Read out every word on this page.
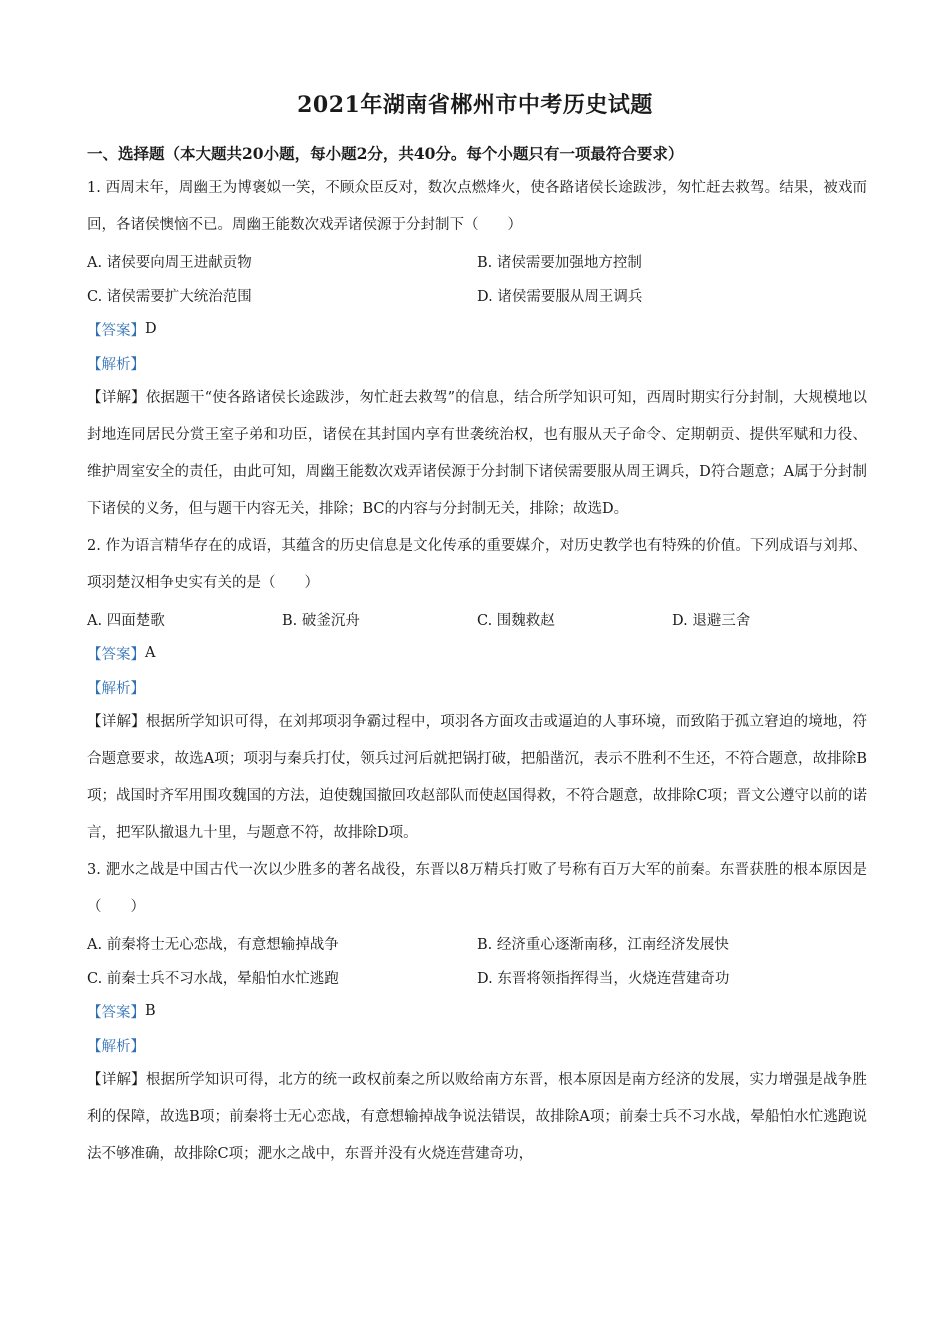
2021年湖南省郴州市中考历史试题
一、选择题（本大题共20小题，每小题2分，共40分。每个小题只有一项最符合要求）

1. 西周末年，周幽王为博褒姒一笑，不顾众臣反对，数次点燃烽火，使各路诸侯长途跋涉，匆忙赶去救驾。结果，被戏而回，各诸侯懊恼不已。周幽王能数次戏弄诸侯源于分封制下（　　）

A. 诸侯要向周王进献贡物	B. 诸侯需要加强地方控制
C. 诸侯需要扩大统治范围	D. 诸侯需要服从周王调兵
【答案】 D
【解析】

【详解】依据题干“使各路诸侯长途跋涉，匆忙赶去救驾”的信息，结合所学知识可知，西周时期实行分封制，大规模地以封地连同居民分赏王室子弟和功臣，诸侯在其封国内享有世袭统治权，也有服从天子命令、定期朝贡、提供军赋和力役、维护周室安全的责任，由此可知，周幽王能数次戏弄诸侯源于分封制下诸侯需要服从周王调兵，D符合题意；A属于分封制下诸侯的义务，但与题干内容无关，排除；BC的内容与分封制无关，排除；故选D。

2. 作为语言精华存在的成语，其蕴含的历史信息是文化传承的重要媒介，对历史教学也有特殊的价值。下列成语与刘邦、项羽楚汉相争史实有关的是（　　）

A. 四面楚歌	B. 破釜沉舟	C. 围魏救赵	D. 退避三舍
【答案】 A
【解析】

【详解】根据所学知识可得，在刘邦项羽争霸过程中，项羽各方面攻击或逼迫的人事环境，而致陷于孤立窘迫的境地，符合题意要求，故选A项；项羽与秦兵打仗，领兵过河后就把锅打破，把船凿沉，表示不胜利不生还，不符合题意，故排除B项；战国时齐军用围攻魏国的方法，迫使魏国撤回攻赵部队而使赵国得救，不符合题意，故排除C项；晋文公遵守以前的诺言，把军队撤退九十里，与题意不符，故排除D项。

3. 淝水之战是中国古代一次以少胜多的著名战役，东晋以8万精兵打败了号称有百万大军的前秦。东晋获胜的根本原因是（　　）

A. 前秦将士无心恋战，有意想输掉战争	B. 经济重心逐渐南移，江南经济发展快
C. 前秦士兵不习水战，晕船怕水忙逃跑	D. 东晋将领指挥得当，火烧连营建奇功
【答案】 B
【解析】

【详解】根据所学知识可得，北方的统一政权前秦之所以败给南方东晋，根本原因是南方经济的发展，实力增强是战争胜利的保障，故选B项；前秦将士无心恋战，有意想输掉战争说法错误，故排除A项；前秦士兵不习水战，晕船怕水忙逃跑说法不够准确，故排除C项；淝水之战中，东晋并没有火烧连营建奇功，
